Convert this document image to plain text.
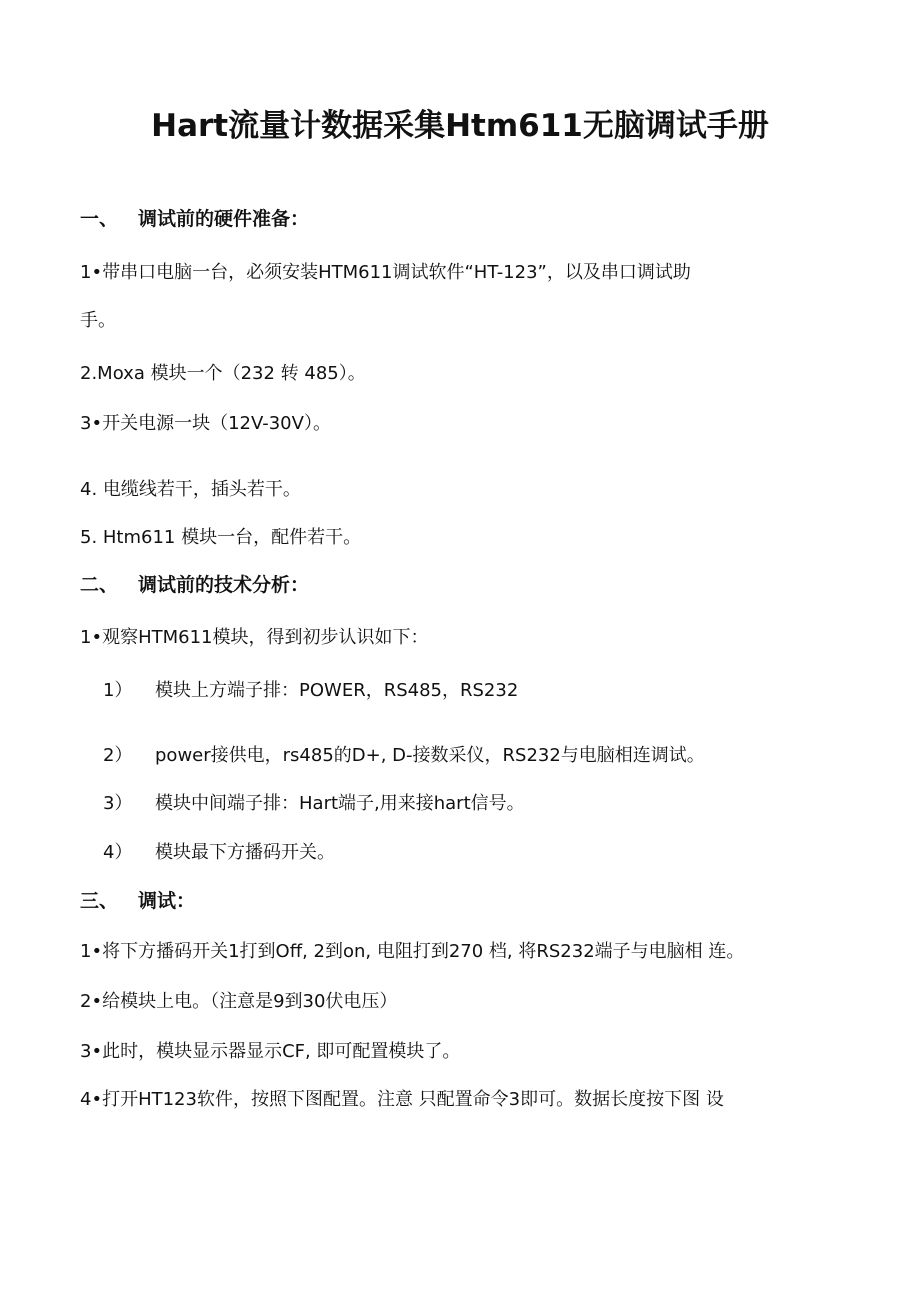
Hart流量计数据采集Htm611无脑调试手册
一、 调试前的硬件准备：
1•带串口电脑一台，必须安装HTM611调试软件“HT-123”，以及串口调试助
手。
2.Moxa 模块一个（232 转 485）。
3•开关电源一块（12V-30V）。
4. 电缆线若干，插头若干。
5. Htm611 模块一台，配件若干。
二、 调试前的技术分析：
1•观察HTM611模块，得到初步认识如下：
1） 模块上方端子排：POWER，RS485，RS232
2） power接供电，rs485的D+, D-接数采仪，RS232与电脑相连调试。
3） 模块中间端子排：Hart端子,用来接hart信号。
4） 模块最下方播码开关。
三、 调试：
1•将下方播码开关1打到Off, 2到on, 电阻打到270 档, 将RS232端子与电脑相 连。
2•给模块上电。（注意是9到30伏电压）
3•此时，模块显示器显示CF, 即可配置模块了。
4•打开HT123软件，按照下图配置。注意 只配置命令3即可。数据长度按下图 设
